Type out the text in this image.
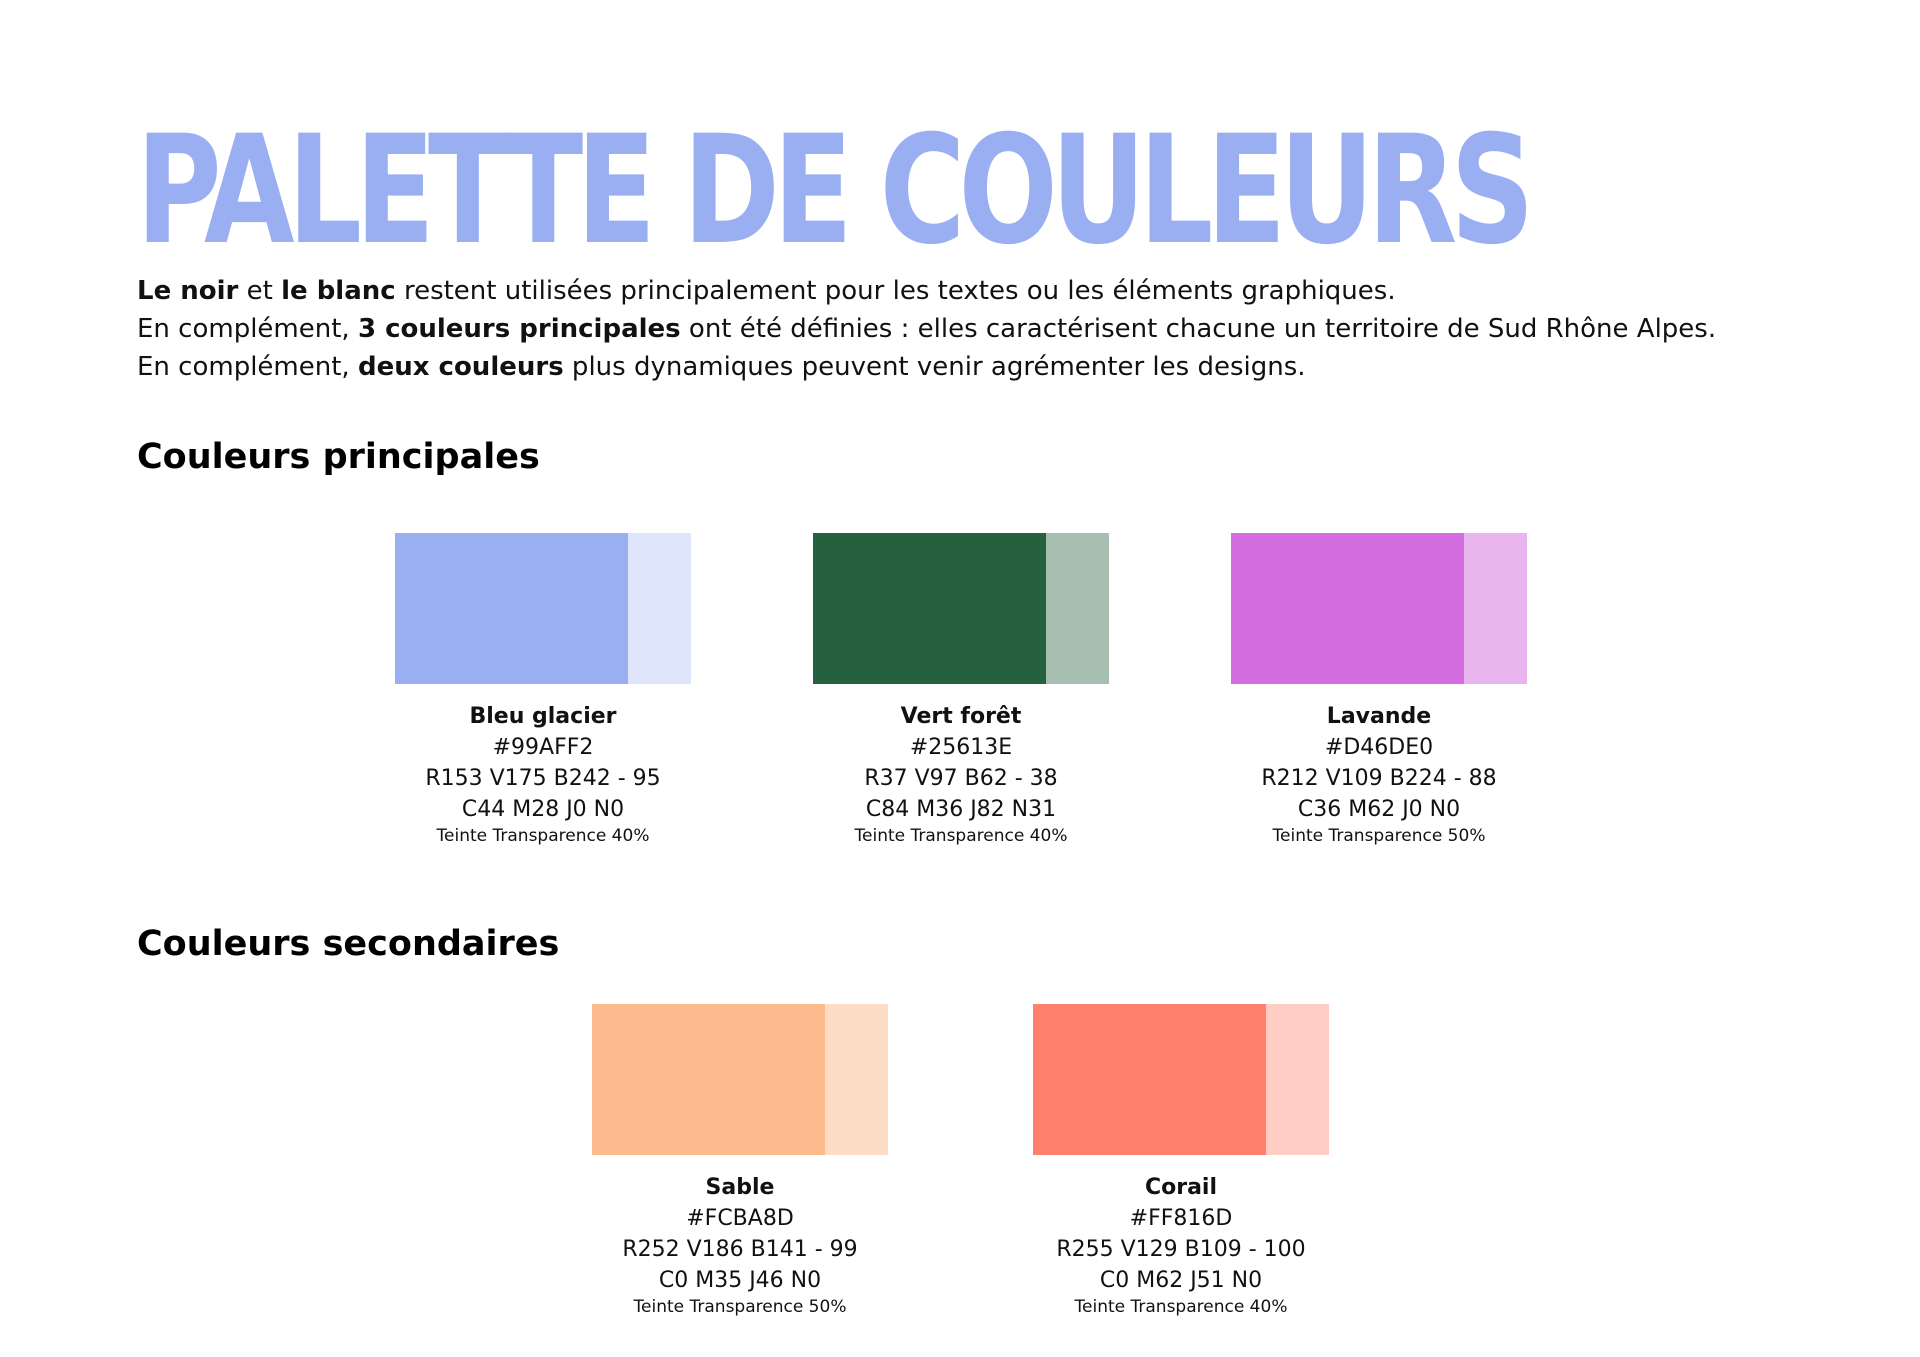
PALETTE DE COULEURS

Le noir et le blanc restent utilisées principalement pour les textes ou les éléments graphiques.

En complément, 3 couleurs principales ont été définies : elles caractérisent chacune un territoire de Sud Rhône Alpes. En complément, deux couleurs plus dynamiques peuvent venir agrémenter les designs.

Couleurs principales
Couleurs secondaires
Bleu glacier
#99AFF2
R153 V175 B242 - 95
C44 M28 J0 N0
Teinte Transparence 40%
Vert forêt
#25613E
R37 V97 B62 - 38
C84 M36 J82 N31
Teinte Transparence 40%
Lavande
#D46DE0
R212 V109 B224 - 88
C36 M62 J0 N0
Teinte Transparence 50%
Sable
#FCBA8D
R252 V186 B141 - 99
C0 M35 J46 N0
Teinte Transparence 50%
Corail
#FF816D
R255 V129 B109 - 100
C0 M62 J51 N0
Teinte Transparence 40%
